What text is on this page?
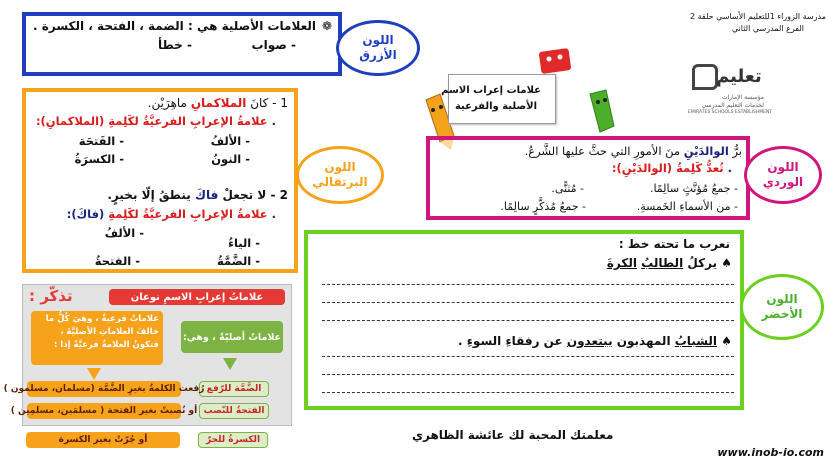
مدرسة الزوراء 1للتعليم الأساسي حلقة 2
الفرع المدرسي الثاني
تعليم
مؤسسة الإمارات
لخدمات التعليم المدرسي
EMIRATES SCHOOLS ESTABLISHMENT
علامات إعراب الاسم
الأصلية والفرعية
❁
العلامات الأصلية هي : الضمة ، الفتحة ، الكسرة .
- صواب
- خطأ	اللون الأزرق
1 - كانَ الملاكمانِ ماهِرَيْن.
. علامةُ الإعرابِ الفرعيَّةُ لكَلِمةِ (الملاكمانِ):
- الألفُ
- الفَتحَة
- النونُ
- الكسرَةُ
2 - لا تجعلْ فاكَ ينطقُ إلّا بخيرٍ.
. علامةُ الإعرابِ الفرعيَّةُ لكَلِمةِ (فاكَ):
- الألفُ
- الياءُ
- الضَّمَّةُ
- الفتحةُ
اللون البرتقالي
برُّ الوالدَيْنِ منَ الأمورِ التي حثَّ عليها الشَّرعُ.
. تُعدُّ كَلِمةُ (الوالدَيْنِ):
- جمعُ مُؤنَّثٍ سالِمًا.
- مُثنًّى.
- من الأسماءِ الخَمسةِ.
- جمعُ مُذكَّرٍ سالِمًا.
اللون الوردي
نعرب ما تحته خط :
♠ يركلُ الطالبُ الكرةَ
♠ الشبابُ المهذبون يبتعدون عن رفقاءِ السوءِ .
اللون الأخضر
تذكّر :	علاماتُ إعرابِ الاسمِ نوعان
علاماتُ فرعيةٌ ، وهيَ كُلُّ ما خالفَ العلاماتِ الأصليَّةَ ، فتكونُ العلامةُ فرعيَّةً إذا :
علاماتٌ أصليّةٌ ، وهي:
الضَّمَّة للرّفع
رُفعت الكلمةُ بغيرِ الضَّمَّة (مسلمان، مسلمون )
الفتحةُ للنّصب
أو نُصبتْ بغير الفتحة ( مسلمَين، مسلمِين )
الكسرةُ للجرّ
أو جُرّتْ بغير الكسرة	معلمتك المحبة لك عائشة الظاهري
www.inob-io.com
